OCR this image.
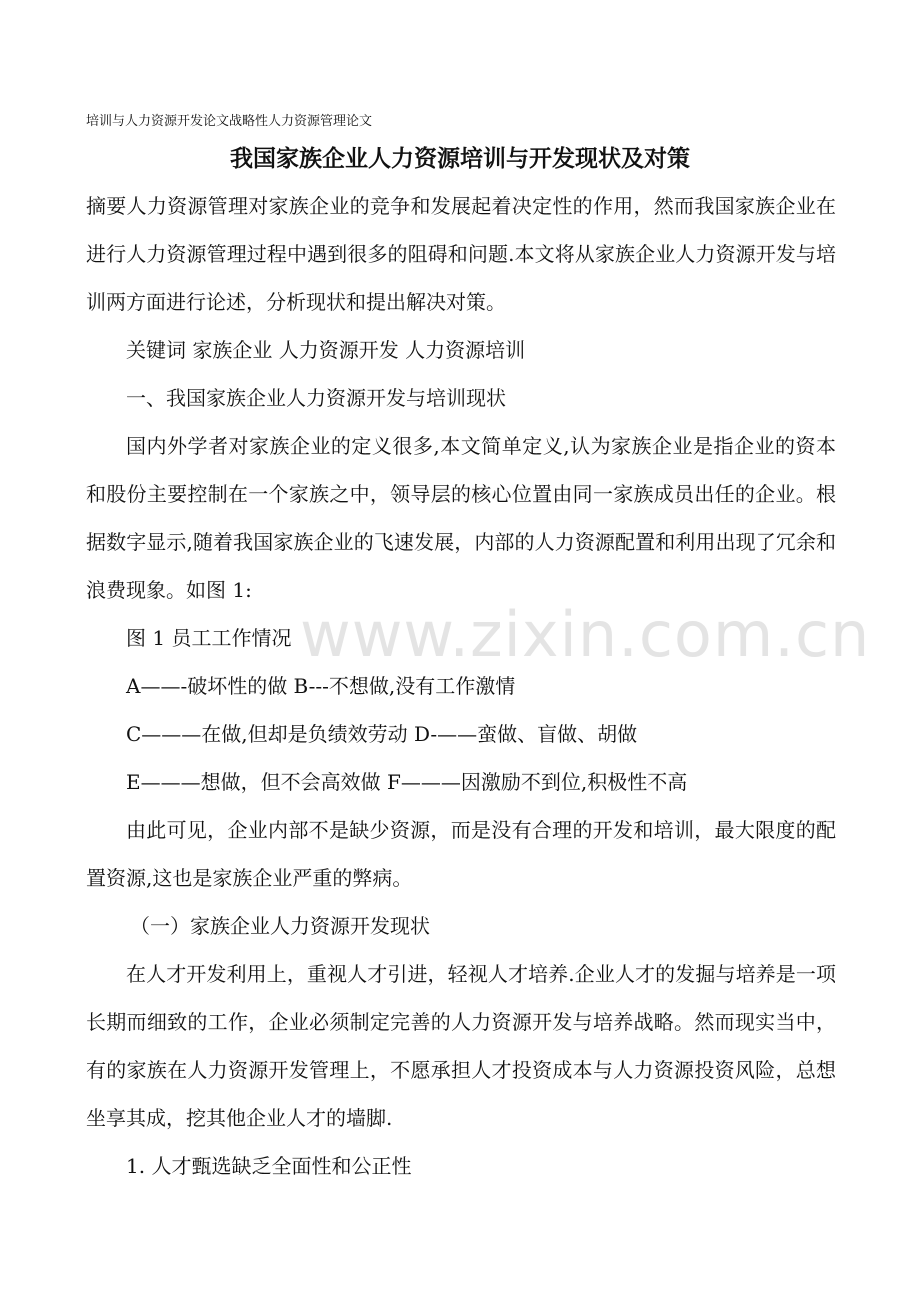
培训与人力资源开发论文战略性人力资源管理论文
我国家族企业人力资源培训与开发现状及对策

摘要人力资源管理对家族企业的竞争和发展起着决定性的作用，然而我国家族企业在进行人力资源管理过程中遇到很多的阻碍和问题.本文将从家族企业人力资源开发与培训两方面进行论述，分析现状和提出解决对策。

关键词 家族企业 人力资源开发 人力资源培训

一、我国家族企业人力资源开发与培训现状

国内外学者对家族企业的定义很多,本文简单定义,认为家族企业是指企业的资本和股份主要控制在一个家族之中，领导层的核心位置由同一家族成员出任的企业。根据数字显示,随着我国家族企业的飞速发展，内部的人力资源配置和利用出现了冗余和浪费现象。如图 1:

图 1 员工工作情况

A——-破坏性的做 B---不想做,没有工作激情

C———在做,但却是负绩效劳动 D-——蛮做、盲做、胡做

E———想做，但不会高效做 F———因激励不到位,积极性不高

由此可见，企业内部不是缺少资源，而是没有合理的开发和培训，最大限度的配置资源,这也是家族企业严重的弊病。

（一）家族企业人力资源开发现状

在人才开发利用上，重视人才引进，轻视人才培养.企业人才的发掘与培养是一项长期而细致的工作，企业必须制定完善的人力资源开发与培养战略。然而现实当中，有的家族在人力资源开发管理上，不愿承担人才投资成本与人力资源投资风险，总想坐享其成，挖其他企业人才的墙脚.

1. 人才甄选缺乏全面性和公正性

www.zixin.com.cn
